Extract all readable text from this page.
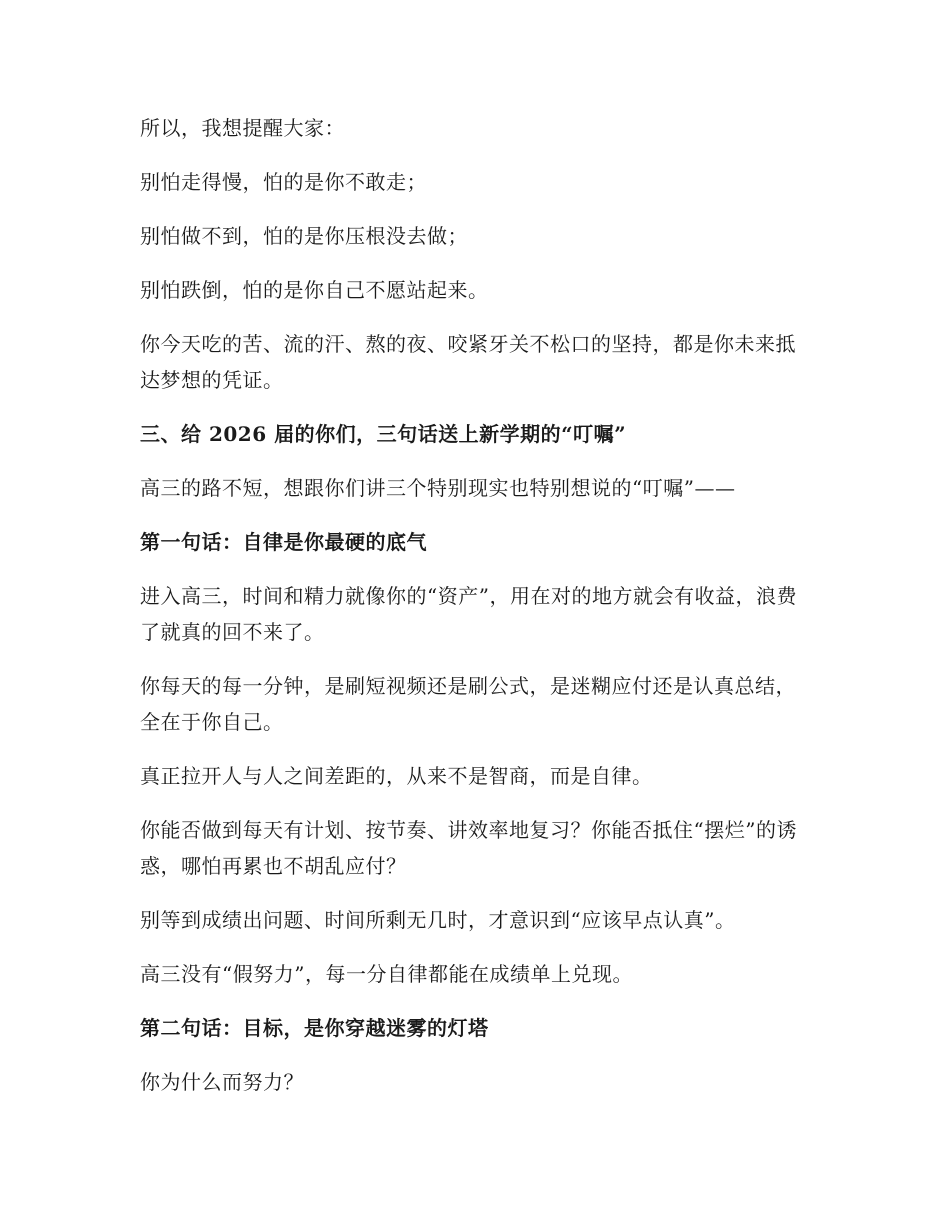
所以，我想提醒大家：

别怕走得慢，怕的是你不敢走；

别怕做不到，怕的是你压根没去做；

别怕跌倒，怕的是你自己不愿站起来。

你今天吃的苦、流的汗、熬的夜、咬紧牙关不松口的坚持，都是你未来抵达梦想的凭证。

三、给 2026 届的你们，三句话送上新学期的“叮嘱”

高三的路不短，想跟你们讲三个特别现实也特别想说的“叮嘱”——

第一句话：自律是你最硬的底气

进入高三，时间和精力就像你的“资产”，用在对的地方就会有收益，浪费了就真的回不来了。

你每天的每一分钟，是刷短视频还是刷公式，是迷糊应付还是认真总结，全在于你自己。

真正拉开人与人之间差距的，从来不是智商，而是自律。

你能否做到每天有计划、按节奏、讲效率地复习？你能否抵住“摆烂”的诱惑，哪怕再累也不胡乱应付？

别等到成绩出问题、时间所剩无几时，才意识到“应该早点认真”。

高三没有“假努力”，每一分自律都能在成绩单上兑现。

第二句话：目标，是你穿越迷雾的灯塔

你为什么而努力？
